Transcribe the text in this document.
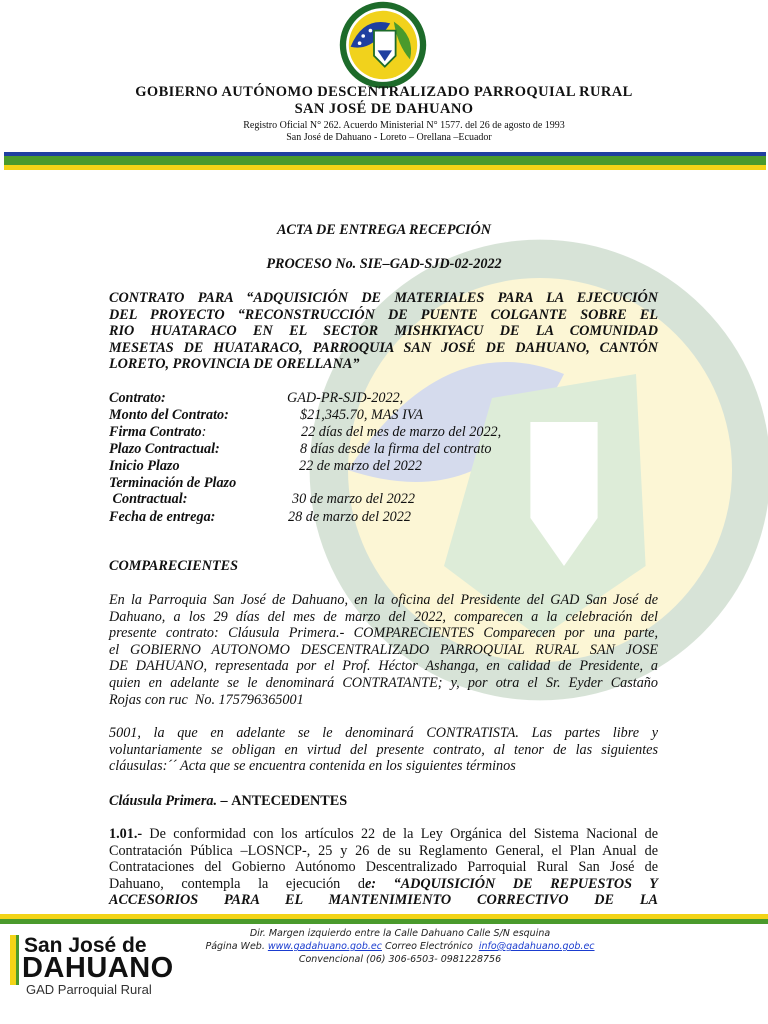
GOBIERNO AUTÓNOMO DESCENTRALIZADO PARROQUIAL RURAL
SAN JOSÉ DE DAHUANO
Registro Oficial N° 262. Acuerdo Ministerial N° 1577. del 26 de agosto de 1993
San José de Dahuano - Loreto – Orellana –Ecuador
ACTA DE ENTREGA RECEPCIÓN
PROCESO No. SIE–GAD-SJD-02-2022
CONTRATO PARA “ADQUISICIÓN DE MATERIALES PARA LA EJECUCIÓN
DEL PROYECTO “RECONSTRUCCIÓN DE PUENTE COLGANTE SOBRE EL
RIO HUATARACO EN EL SECTOR MISHKIYACU DE LA COMUNIDAD
MESETAS DE HUATARACO, PARROQUIA SAN JOSÉ DE DAHUANO, CANTÓN
LORETO, PROVINCIA DE ORELLANA”
Contrato:	GAD-PR-SJD-2022,
Monto del Contrato:	$21,345.70, MAS IVA
Firma Contrato:	22 días del mes de marzo del 2022,
Plazo Contractual:	8 días desde la firma del contrato
Inicio Plazo	22 de marzo del 2022
Terminación de Plazo
Contractual:	30 de marzo del 2022
Fecha de entrega:	28 de marzo del 2022
COMPARECIENTES
En la Parroquia San José de Dahuano, en la oficina del Presidente del GAD San José de
Dahuano, a los 29 días del mes de marzo del 2022, comparecen a la celebración del
presente contrato: Cláusula Primera.- COMPARECIENTES Comparecen por una parte,
el GOBIERNO AUTONOMO DESCENTRALIZADO PARROQUIAL RURAL SAN JOSE
DE DAHUANO, representada por el Prof. Héctor Ashanga, en calidad de Presidente, a
quien en adelante se le denominará CONTRATANTE; y, por otra el Sr. Eyder Castaño
Rojas con ruc  No. 175796365001
5001, la que en adelante se le denominará CONTRATISTA. Las partes libre y
voluntariamente se obligan en virtud del presente contrato, al tenor de las siguientes
cláusulas:´´ Acta que se encuentra contenida en los siguientes términos
Cláusula Primera. – ANTECEDENTES
1.01.- De conformidad con los artículos 22 de la Ley Orgánica del Sistema Nacional de
Contratación Pública –LOSNCP-, 25 y 26 de su Reglamento General, el Plan Anual de
Contrataciones del Gobierno Autónomo Descentralizado Parroquial Rural San José de
Dahuano, contempla la ejecución de: “ADQUISICIÓN DE REPUESTOS Y
ACCESORIOS PARA EL MANTENIMIENTO CORRECTIVO DE LA
Dir. Margen izquierdo entre la Calle Dahuano Calle S/N esquina
Página Web. www.gadahuano.gob.ec Correo Electrónico  info@gadahuano.gob.ec
Convencional (06) 306-6503- 0981228756
San José de
DAHUANO
GAD Parroquial Rural
